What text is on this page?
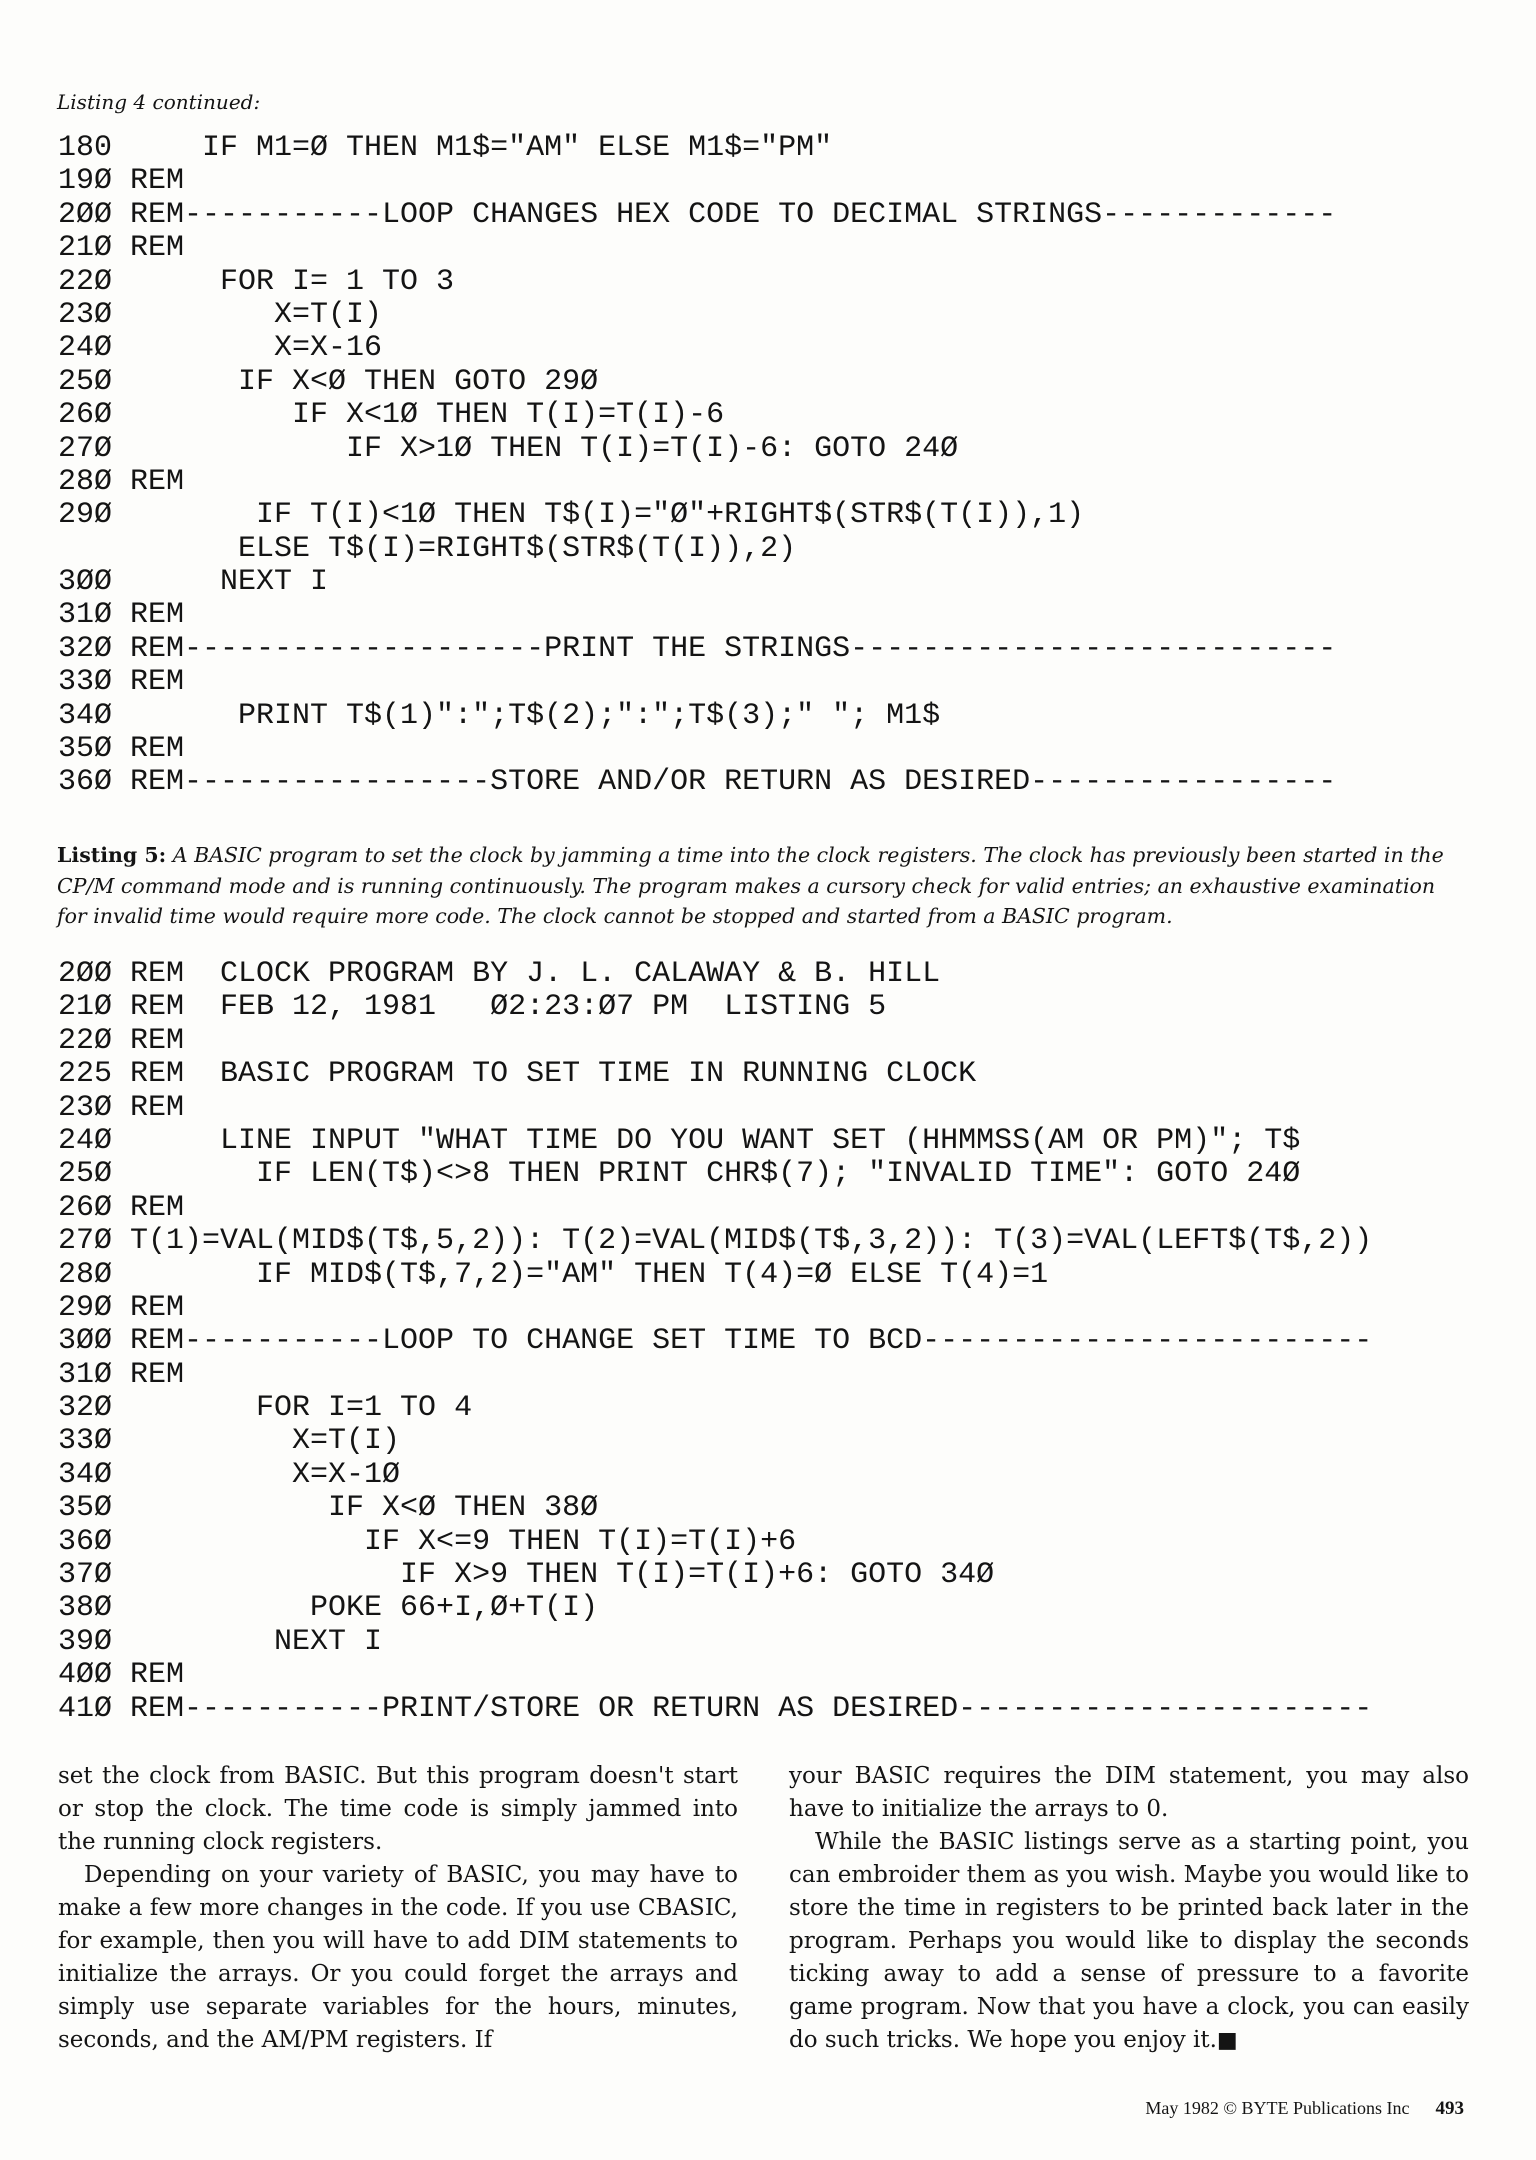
Listing 4 continued:
180     IF M1=Ø THEN M1$="AM" ELSE M1$="PM"
19Ø REM
2ØØ REM-----------LOOP CHANGES HEX CODE TO DECIMAL STRINGS-------------
21Ø REM
22Ø      FOR I= 1 TO 3
23Ø         X=T(I)
24Ø         X=X-16
25Ø       IF X<Ø THEN GOTO 29Ø
26Ø          IF X<1Ø THEN T(I)=T(I)-6
27Ø             IF X>1Ø THEN T(I)=T(I)-6: GOTO 24Ø
28Ø REM
29Ø        IF T(I)<1Ø THEN T$(I)="Ø"+RIGHT$(STR$(T(I)),1)
ELSE T$(I)=RIGHT$(STR$(T(I)),2)
3ØØ      NEXT I
31Ø REM
32Ø REM--------------------PRINT THE STRINGS---------------------------
33Ø REM
34Ø       PRINT T$(1)":";T$(2);":";T$(3);" "; M1$
35Ø REM
36Ø REM-----------------STORE AND/OR RETURN AS DESIRED-----------------
Listing 5: A BASIC program to set the clock by jamming a time into the clock registers. The clock has previously been started in the CP/M command mode and is running continuously. The program makes a cursory check for valid entries; an exhaustive examination for invalid time would require more code. The clock cannot be stopped and started from a BASIC program.
2ØØ REM  CLOCK PROGRAM BY J. L. CALAWAY & B. HILL
21Ø REM  FEB 12, 1981   Ø2:23:Ø7 PM  LISTING 5
22Ø REM
225 REM  BASIC PROGRAM TO SET TIME IN RUNNING CLOCK
23Ø REM
24Ø      LINE INPUT "WHAT TIME DO YOU WANT SET (HHMMSS(AM OR PM)"; T$
25Ø        IF LEN(T$)<>8 THEN PRINT CHR$(7); "INVALID TIME": GOTO 24Ø
26Ø REM
27Ø T(1)=VAL(MID$(T$,5,2)): T(2)=VAL(MID$(T$,3,2)): T(3)=VAL(LEFT$(T$,2))
28Ø        IF MID$(T$,7,2)="AM" THEN T(4)=Ø ELSE T(4)=1
29Ø REM
3ØØ REM-----------LOOP TO CHANGE SET TIME TO BCD-------------------------
31Ø REM
32Ø        FOR I=1 TO 4
33Ø          X=T(I)
34Ø          X=X-1Ø
35Ø            IF X<Ø THEN 38Ø
36Ø              IF X<=9 THEN T(I)=T(I)+6
37Ø                IF X>9 THEN T(I)=T(I)+6: GOTO 34Ø
38Ø           POKE 66+I,Ø+T(I)
39Ø         NEXT I
4ØØ REM
41Ø REM-----------PRINT/STORE OR RETURN AS DESIRED-----------------------

set the clock from BASIC. But this program doesn't start or stop the clock. The time code is simply jammed into the running clock registers.

Depending on your variety of BASIC, you may have to make a few more changes in the code. If you use CBASIC, for example, then you will have to add DIM statements to initialize the arrays. Or you could forget the arrays and simply use separate variables for the hours, minutes, seconds, and the AM/PM registers. If

your BASIC requires the DIM statement, you may also have to initialize the arrays to 0.

While the BASIC listings serve as a starting point, you can embroider them as you wish. Maybe you would like to store the time in registers to be printed back later in the program. Perhaps you would like to display the seconds ticking away to add a sense of pressure to a favorite game program. Now that you have a clock, you can easily do such tricks. We hope you enjoy it.■

May 1982 © BYTE Publications Inc 493
